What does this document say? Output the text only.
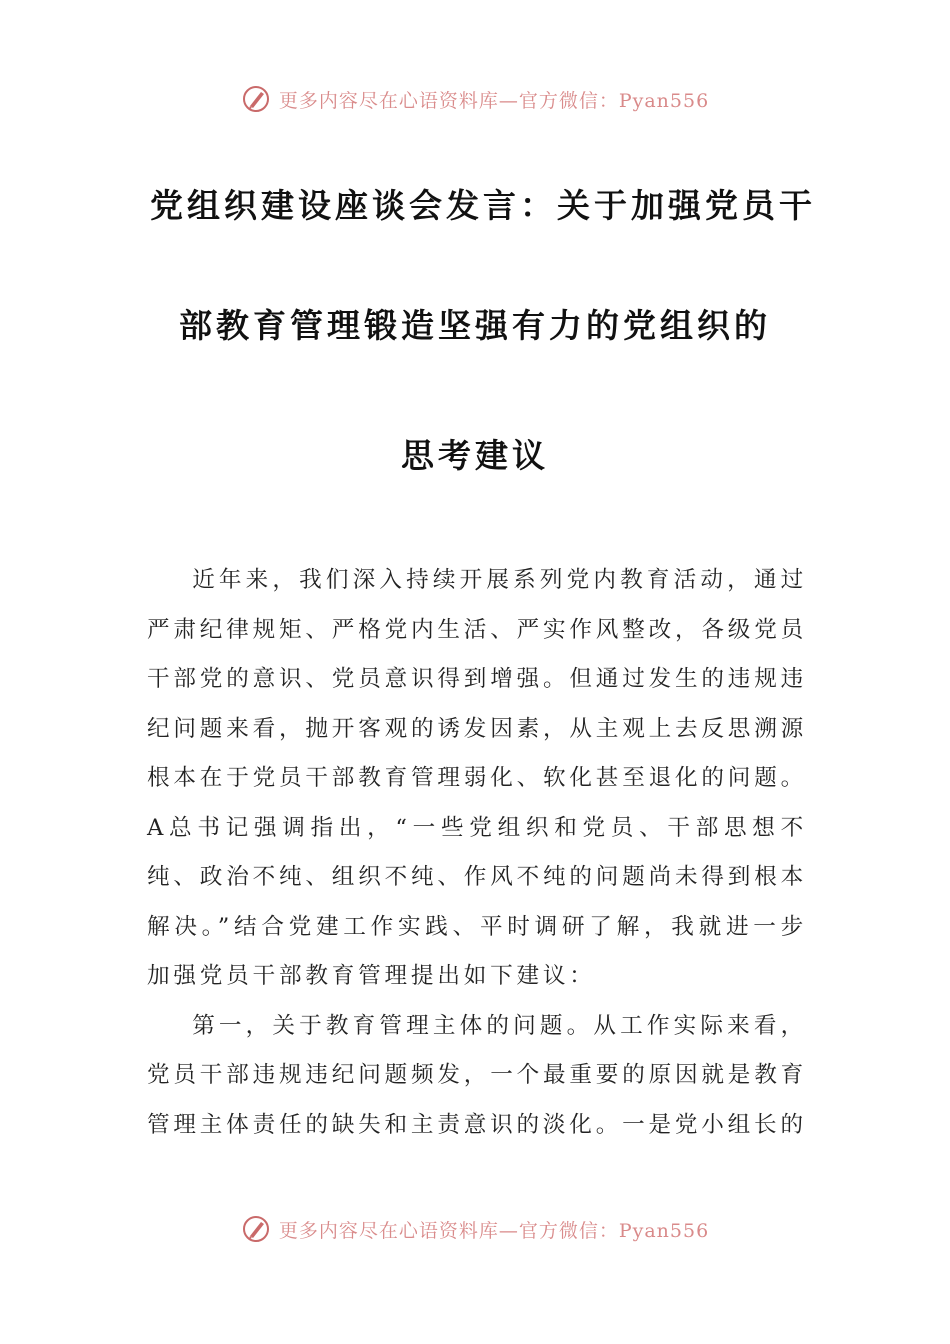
更多内容尽在心语资料库—官方微信：Pyan556
党组织建设座谈会发言：关于加强党员干
部教育管理锻造坚强有力的党组织的
思考建议

近年来，我们深入持续开展系列党内教育活动，通过严肃纪律规矩、严格党内生活、严实作风整改，各级党员干部党的意识、党员意识得到增强。但通过发生的违规违纪问题来看，抛开客观的诱发因素，从主观上去反思溯源根本在于党员干部教育管理弱化、软化甚至退化的问题。A总书记强调指出，“一些党组织和党员、干部思想不纯、政治不纯、组织不纯、作风不纯的问题尚未得到根本解决。”结合党建工作实践、平时调研了解，我就进一步加强党员干部教育管理提出如下建议：

第一，关于教育管理主体的问题。从工作实际来看，党员干部违规违纪问题频发，一个最重要的原因就是教育管理主体责任的缺失和主责意识的淡化。一是党小组长的

更多内容尽在心语资料库—官方微信：Pyan556
